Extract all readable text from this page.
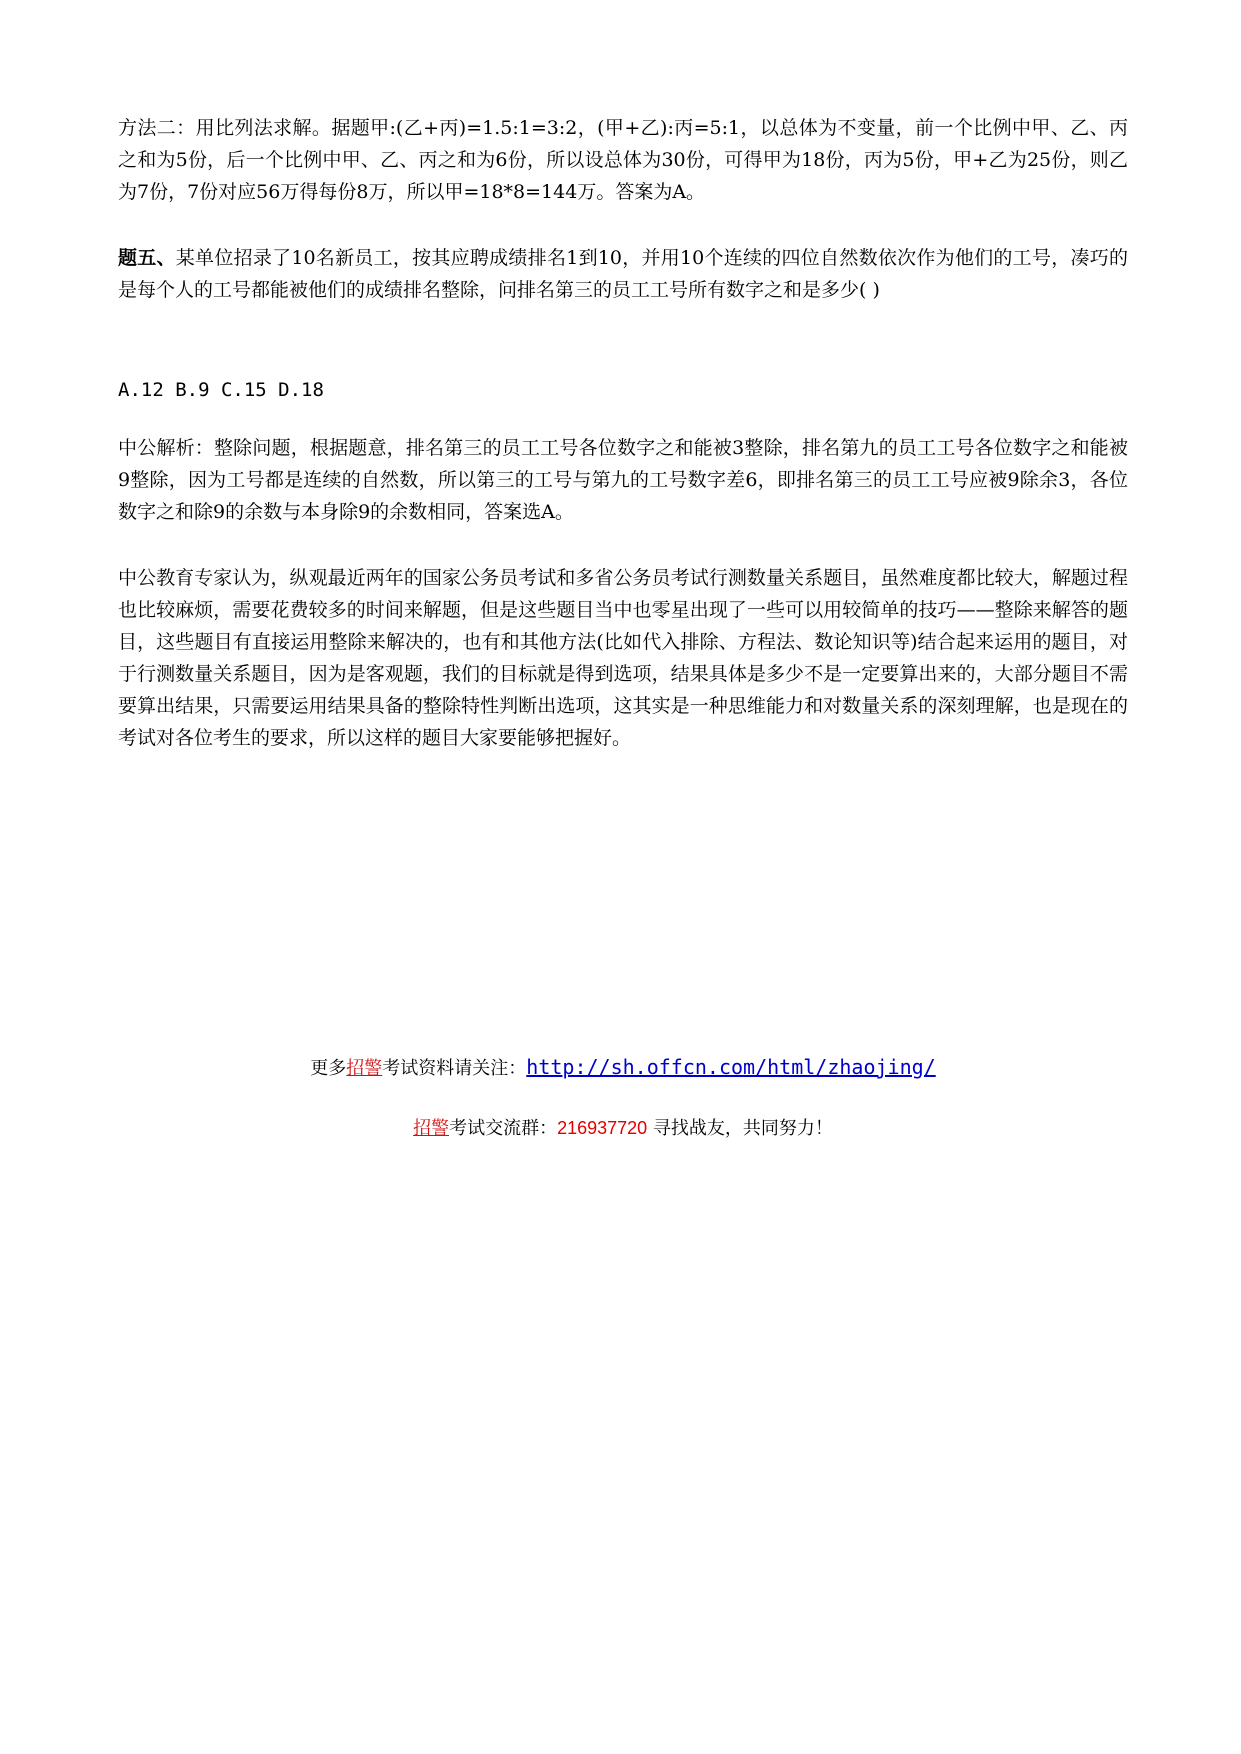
方法二：用比列法求解。据题甲:(乙+丙)=1.5:1=3:2，(甲+乙):丙=5:1，以总体为不变量，前一个比例中甲、乙、丙之和为5份，后一个比例中甲、乙、丙之和为6份，所以设总体为30份，可得甲为18份，丙为5份，甲+乙为25份，则乙为7份，7份对应56万得每份8万，所以甲=18*8=144万。答案为A。

题五、某单位招录了10名新员工，按其应聘成绩排名1到10，并用10个连续的四位自然数依次作为他们的工号，凑巧的是每个人的工号都能被他们的成绩排名整除，问排名第三的员工工号所有数字之和是多少( )

A.12 B.9 C.15 D.18

中公解析：整除问题，根据题意，排名第三的员工工号各位数字之和能被3整除，排名第九的员工工号各位数字之和能被9整除，因为工号都是连续的自然数，所以第三的工号与第九的工号数字差6，即排名第三的员工工号应被9除余3，各位数字之和除9的余数与本身除9的余数相同，答案选A。

中公教育专家认为，纵观最近两年的国家公务员考试和多省公务员考试行测数量关系题目，虽然难度都比较大，解题过程也比较麻烦，需要花费较多的时间来解题，但是这些题目当中也零星出现了一些可以用较简单的技巧——整除来解答的题目，这些题目有直接运用整除来解决的，也有和其他方法(比如代入排除、方程法、数论知识等)结合起来运用的题目，对于行测数量关系题目，因为是客观题，我们的目标就是得到选项，结果具体是多少不是一定要算出来的，大部分题目不需要算出结果，只需要运用结果具备的整除特性判断出选项，这其实是一种思维能力和对数量关系的深刻理解，也是现在的考试对各位考生的要求，所以这样的题目大家要能够把握好。

更多招警考试资料请关注：http://sh.offcn.com/html/zhaojing/
招警考试交流群：216937720 寻找战友，共同努力！
